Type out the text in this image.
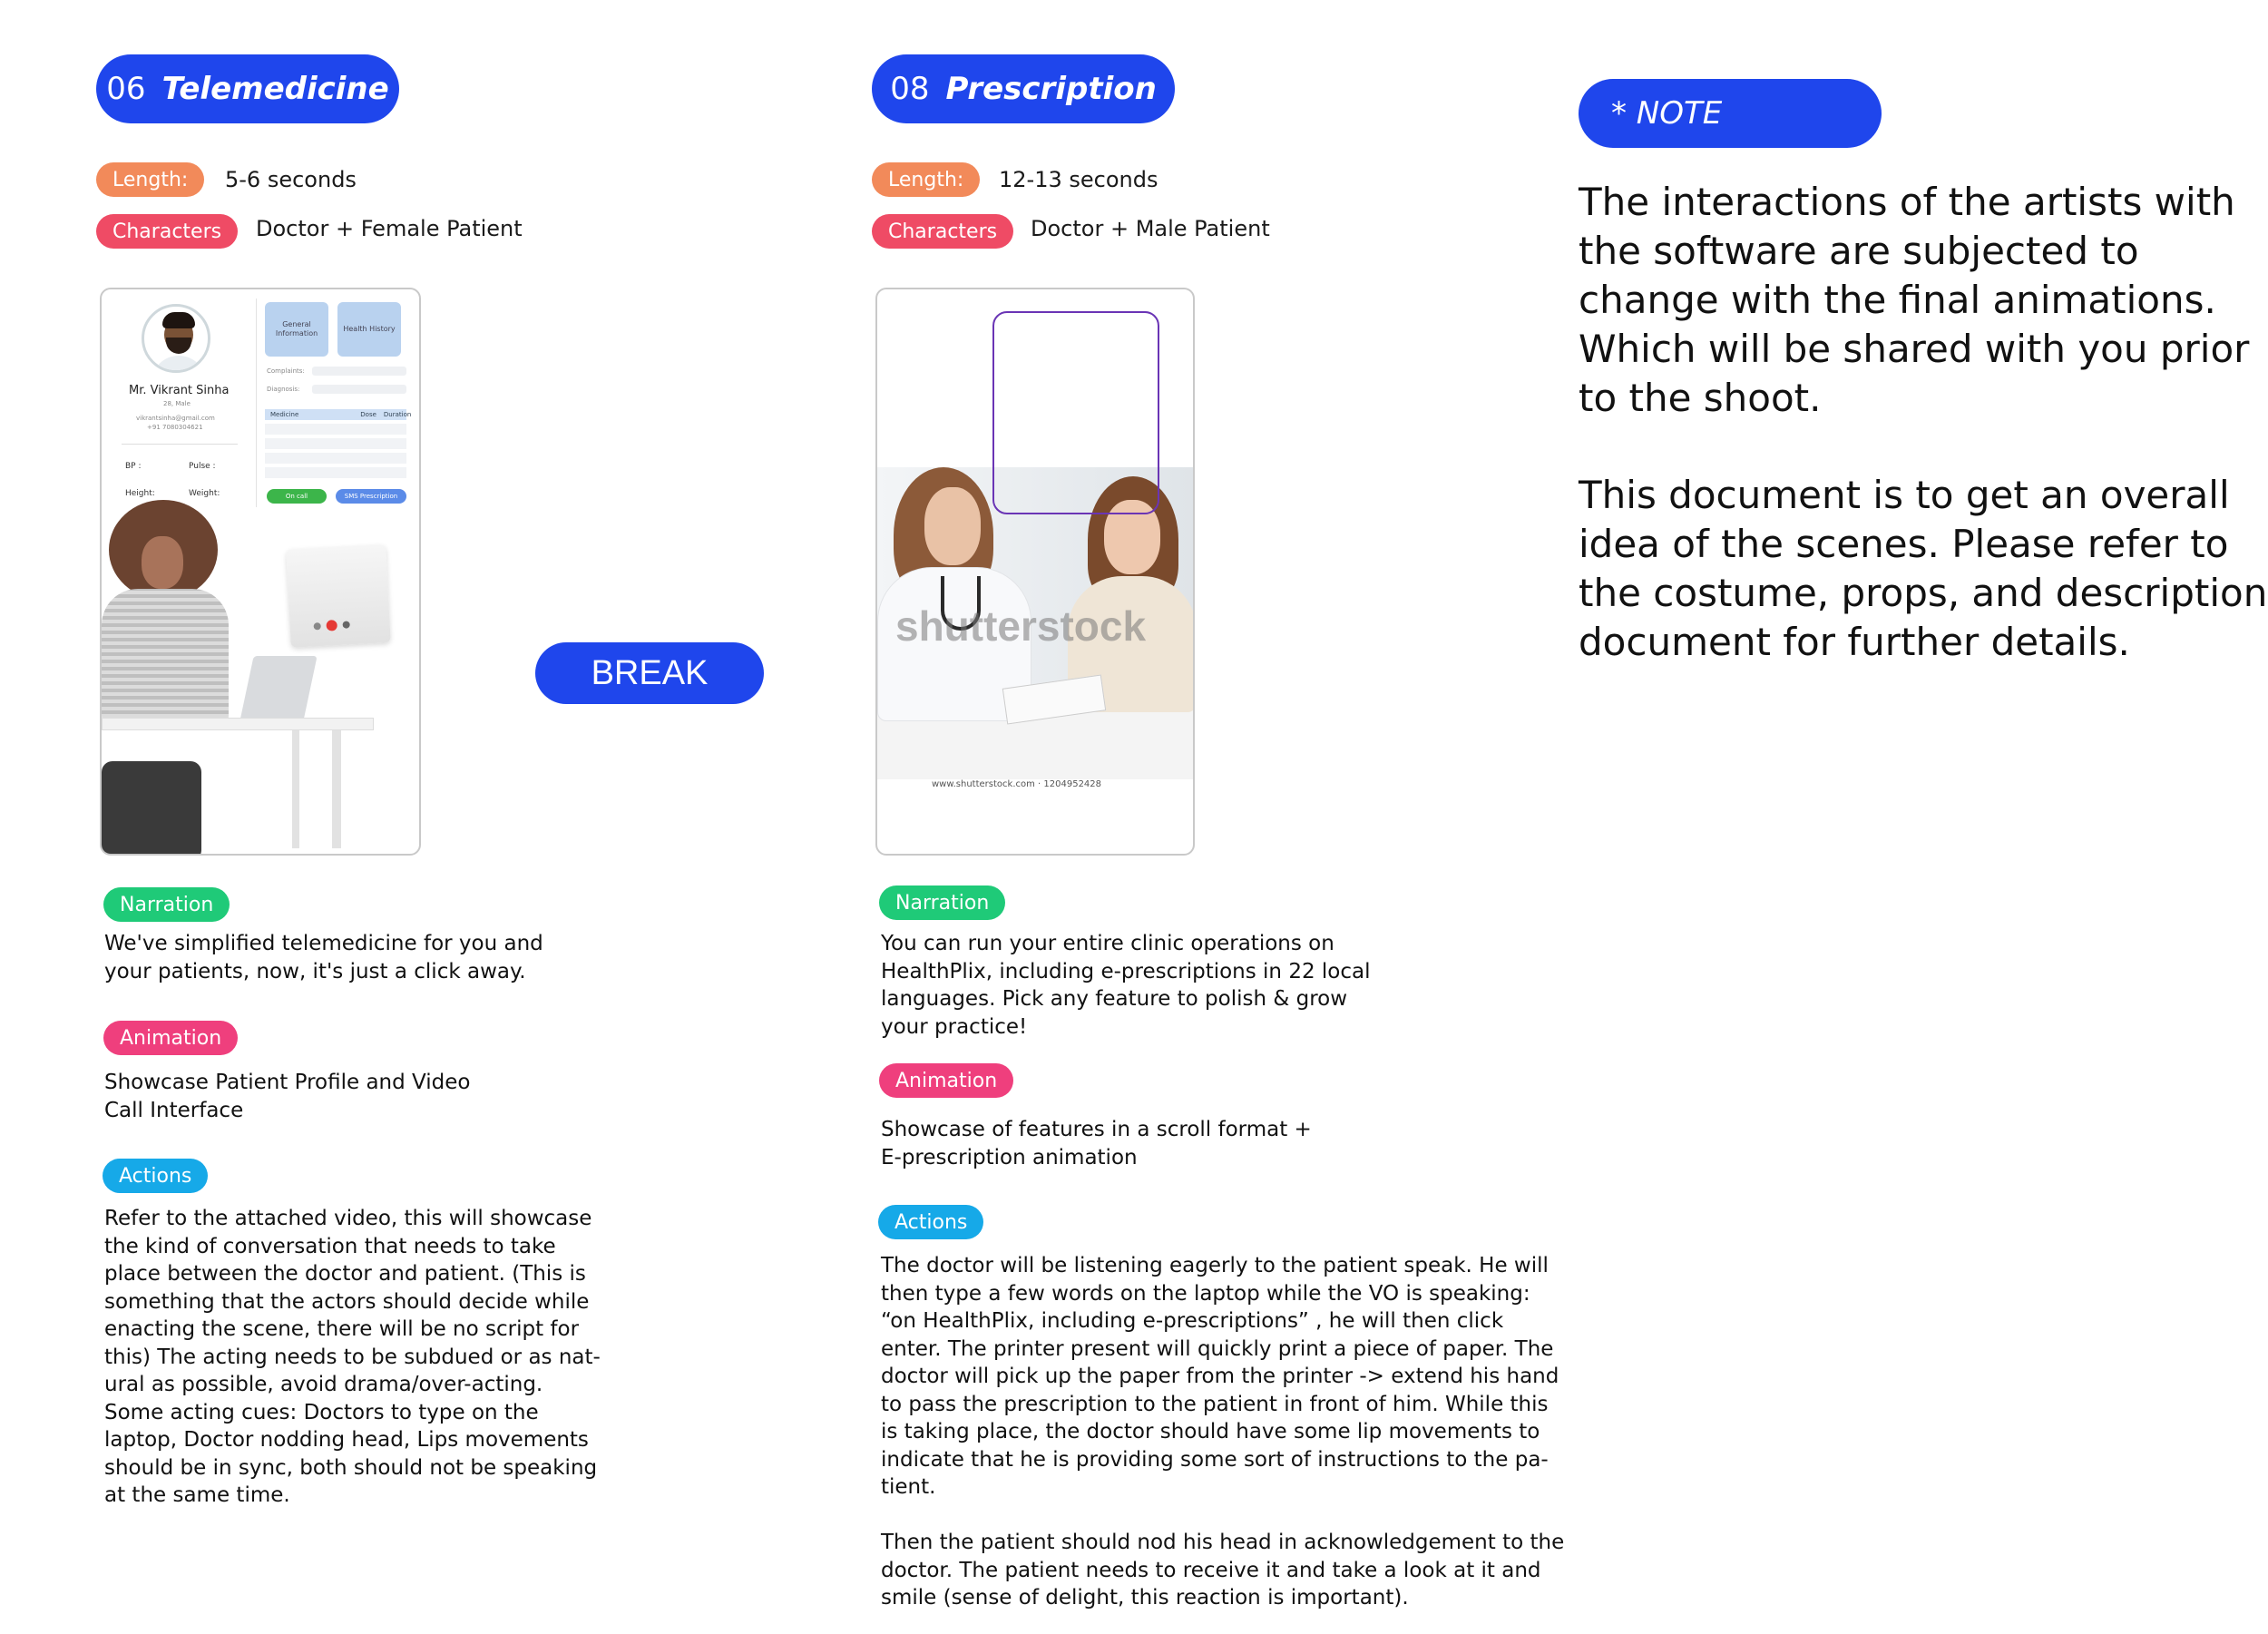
06 Telemedicine
Length:	5-6 seconds
Characters	Doctor + Female Patient
Mr. Vikrant Sinha
28, Male
vikrantsinha@gmail.com
+91 7080304621
BP :	Pulse :
Height:	Weight:
General Information
Health History
Complaints:
Diagnosis:
Medicine	Dose Duration
On call	SMS Prescription
Narration
We've simplified telemedicine for you and
your patients, now, it's just a click away.
Animation
Showcase Patient Profile and Video
Call Interface
Actions
Refer to the attached video, this will showcase
the kind of conversation that needs to take
place between the doctor and patient. (This is
something that the actors should decide while
enacting the scene, there will be no script for
this) The acting needs to be subdued or as nat-
ural as possible, avoid drama/over-acting.
Some acting cues: Doctors to type on the
laptop, Doctor nodding head, Lips movements
should be in sync, both should not be speaking
at the same time.
BREAK
08 Prescription
Length:	12-13 seconds
Characters	Doctor + Male Patient
shutterstock
www.shutterstock.com · 1204952428
Narration
You can run your entire clinic operations on
HealthPlix, including e-prescriptions in 22 local
languages. Pick any feature to polish & grow
your practice!
Animation
Showcase of features in a scroll format +
E-prescription animation
Actions
The doctor will be listening eagerly to the patient speak. He will
then type a few words on the laptop while the VO is speaking:
“on HealthPlix, including e-prescriptions” , he will then click
enter. The printer present will quickly print a piece of paper. The
doctor will pick up the paper from the printer -> extend his hand
to pass the prescription to the patient in front of him. While this
is taking place, the doctor should have some lip movements to
indicate that he is providing some sort of instructions to the pa-
tient.

Then the patient should nod his head in acknowledgement to the
doctor. The patient needs to receive it and take a look at it and
smile (sense of delight, this reaction is important).
* NOTE
The interactions of the artists with
the software are subjected to
change with the final animations.
Which will be shared with you prior
to the shoot.
This document is to get an overall
idea of the scenes. Please refer to
the costume, props, and description
document for further details.
